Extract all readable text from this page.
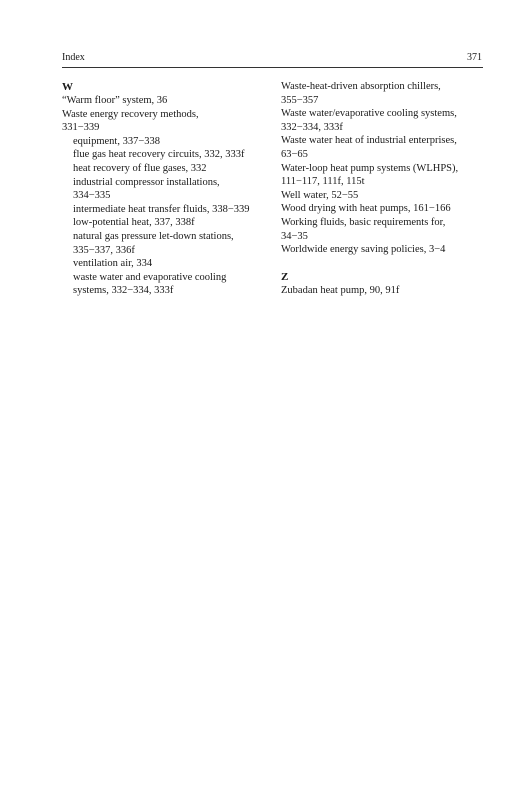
Index	371
W
“Warm floor” system, 36
Waste energy recovery methods,
331−339
equipment, 337−338
flue gas heat recovery circuits, 332, 333f
heat recovery of flue gases, 332
industrial compressor installations,
334−335
intermediate heat transfer fluids, 338−339
low-potential heat, 337, 338f
natural gas pressure let-down stations,
335−337, 336f
ventilation air, 334
waste water and evaporative cooling
systems, 332−334, 333f
Waste-heat-driven absorption chillers,
355−357
Waste water/evaporative cooling systems,
332−334, 333f
Waste water heat of industrial enterprises,
63−65
Water-loop heat pump systems (WLHPS),
111−117, 111f, 115t
Well water, 52−55
Wood drying with heat pumps, 161−166
Working fluids, basic requirements for,
34−35
Worldwide energy saving policies, 3−4
Z
Zubadan heat pump, 90, 91f
